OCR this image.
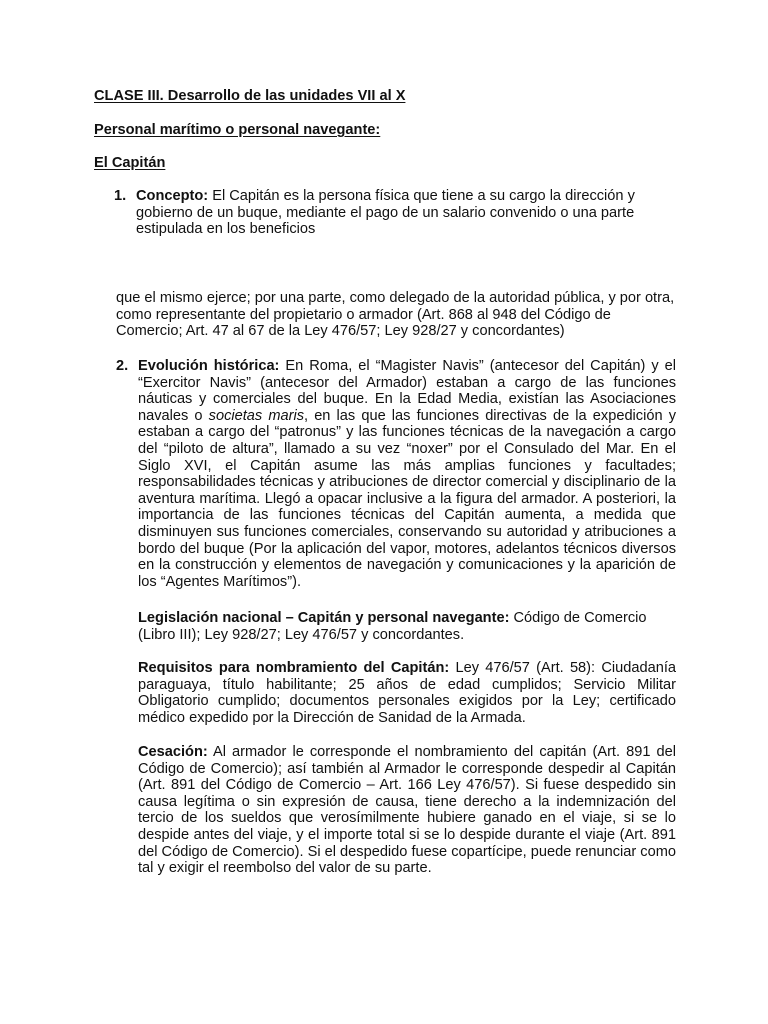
CLASE III. Desarrollo de las unidades VII al X

Personal marítimo o personal navegante:

El Capitán

1. Concepto: El Capitán es la persona física que tiene a su cargo la dirección y gobierno de un buque, mediante el pago de un salario convenido o una parte estipulada en los beneficios

que el mismo ejerce; por una parte, como delegado de la autoridad pública, y por otra, como representante del propietario o armador (Art. 868 al 948 del Código de Comercio; Art. 47 al 67 de la Ley 476/57; Ley 928/27 y concordantes)

2. Evolución histórica: En Roma, el “Magister Navis” (antecesor del Capitán) y el “Exercitor Navis” (antecesor del Armador) estaban a cargo de las funciones náuticas y comerciales del buque. En la Edad Media, existían las Asociaciones navales o societas maris, en las que las funciones directivas de la expedición y estaban a cargo del “patronus” y las funciones técnicas de la navegación a cargo del “piloto de altura”, llamado a su vez “noxer” por el Consulado del Mar. En el Siglo XVI, el Capitán asume las más amplias funciones y facultades; responsabilidades técnicas y atribuciones de director comercial y disciplinario de la aventura marítima. Llegó a opacar inclusive a la figura del armador. A posteriori, la importancia de las funciones técnicas del Capitán aumenta, a medida que disminuyen sus funciones comerciales, conservando su autoridad y atribuciones a bordo del buque (Por la aplicación del vapor, motores, adelantos técnicos diversos en la construcción y elementos de navegación y comunicaciones y la aparición de los “Agentes Marítimos”).

Legislación nacional – Capitán y personal navegante: Código de Comercio (Libro III); Ley 928/27; Ley 476/57 y concordantes.

Requisitos para nombramiento del Capitán: Ley 476/57 (Art. 58): Ciudadanía paraguaya, título habilitante; 25 años de edad cumplidos; Servicio Militar Obligatorio cumplido; documentos personales exigidos por la Ley; certificado médico expedido por la Dirección de Sanidad de la Armada.

Cesación: Al armador le corresponde el nombramiento del capitán (Art. 891 del Código de Comercio); así también al Armador le corresponde despedir al Capitán (Art. 891 del Código de Comercio – Art. 166 Ley 476/57). Si fuese despedido sin causa legítima o sin expresión de causa, tiene derecho a la indemnización del tercio de los sueldos que verosímilmente hubiere ganado en el viaje, si se lo despide antes del viaje, y el importe total si se lo despide durante el viaje (Art. 891 del Código de Comercio). Si el despedido fuese copartícipe, puede renunciar como tal y exigir el reembolso del valor de su parte.
